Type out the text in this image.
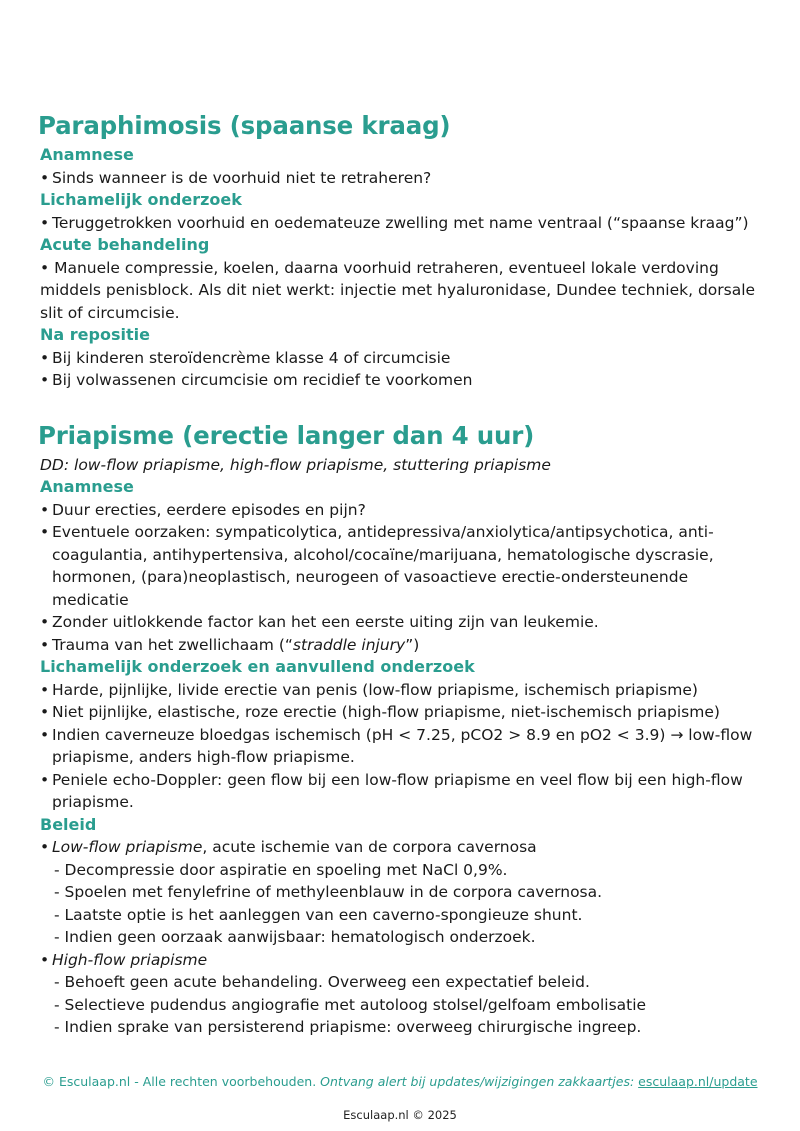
Paraphimosis (spaanse kraag)
Anamnese
• Sinds wanneer is de voorhuid niet te retraheren?
Lichamelijk onderzoek
• Teruggetrokken voorhuid en oedemateuze zwelling met name ventraal (“spaanse kraag”)
Acute behandeling
• Manuele compressie, koelen, daarna voorhuid retraheren, eventueel lokale verdoving middels penisblock. Als dit niet werkt: injectie met hyaluronidase, Dundee techniek, dorsale slit of circumcisie.
Na repositie
• Bij kinderen steroïdencrème klasse 4 of circumcisie
• Bij volwassenen circumcisie om recidief te voorkomen
Priapisme (erectie langer dan 4 uur)
DD: low-flow priapisme, high-flow priapisme, stuttering priapisme
Anamnese
• Duur erecties, eerdere episodes en pijn?
• Eventuele oorzaken: sympaticolytica, antidepressiva/anxiolytica/antipsychotica, anti-coagulantia, antihypertensiva, alcohol/cocaïne/marijuana, hematologische dyscrasie, hormonen, (para)neoplastisch, neurogeen of vasoactieve erectie-ondersteunende medicatie
• Zonder uitlokkende factor kan het een eerste uiting zijn van leukemie.
• Trauma van het zwellichaam (“straddle injury”)
Lichamelijk onderzoek en aanvullend onderzoek
• Harde, pijnlijke, livide erectie van penis (low-flow priapisme, ischemisch priapisme)
• Niet pijnlijke, elastische, roze erectie (high-flow priapisme, niet-ischemisch priapisme)
• Indien caverneuze bloedgas ischemisch (pH < 7.25, pCO2 > 8.9 en pO2 < 3.9) → low-flow priapisme, anders high-flow priapisme.
• Peniele echo-Doppler: geen flow bij een low-flow priapisme en veel flow bij een high-flow priapisme.
Beleid
• Low-flow priapisme, acute ischemie van de corpora cavernosa
- Decompressie door aspiratie en spoeling met NaCl 0,9%.
- Spoelen met fenylefrine of methyleenblauw in de corpora cavernosa.
- Laatste optie is het aanleggen van een caverno-spongieuze shunt.
- Indien geen oorzaak aanwijsbaar: hematologisch onderzoek.
• High-flow priapisme
- Behoeft geen acute behandeling. Overweeg een expectatief beleid.
- Selectieve pudendus angiografie met autoloog stolsel/gelfoam embolisatie
- Indien sprake van persisterend priapisme: overweeg chirurgische ingreep.
© Esculaap.nl - Alle rechten voorbehouden. Ontvang alert bij updates/wijzigingen zakkaartjes: esculaap.nl/update
Esculaap.nl © 2025
